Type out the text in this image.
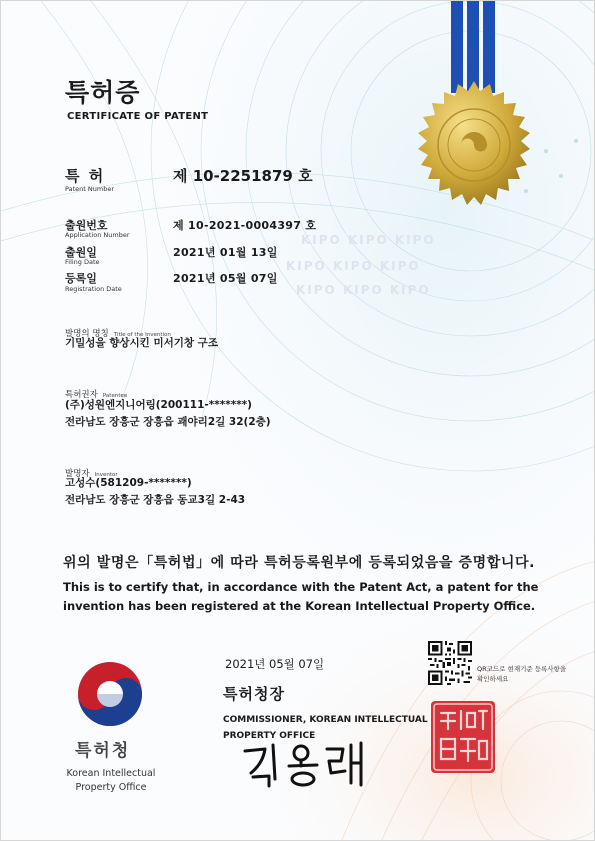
KIPO KIPO KIPO
KIPO KIPO KIPO
KIPO KIPO KIPO
특허증
CERTIFICATE OF PATENT
특 허
Patent Number
제 10-2251879 호
출원번호
Application Number
제 10-2021-0004397 호
출원일
Filing Date
2021년 01월 13일
등록일
Registration Date
2021년 05월 07일
발명의 명칭 Title of the Invention
기밀성을 향상시킨 미서기창 구조
특허권자 Patentee
(주)성원엔지니어링(200111-*******)
전라남도 장흥군 장흥읍 괘야리2길 32(2층)
발명자 Inventor
고성수(581209-*******)
전라남도 장흥군 장흥읍 동교3길 2-43
위의 발명은「특허법」에 따라 특허등록원부에 등록되었음을 증명합니다.
This is to certify that, in accordance with the Patent Act, a patent for the invention has been registered at the Korean Intellectual Property Office.
2021년 05월 07일	QR코드로 현재기준 등록사항을 확인하세요
특허청장
COMMISSIONER, KOREAN INTELLECTUAL PROPERTY OFFICE
특허청
Korean Intellectual Property Office
